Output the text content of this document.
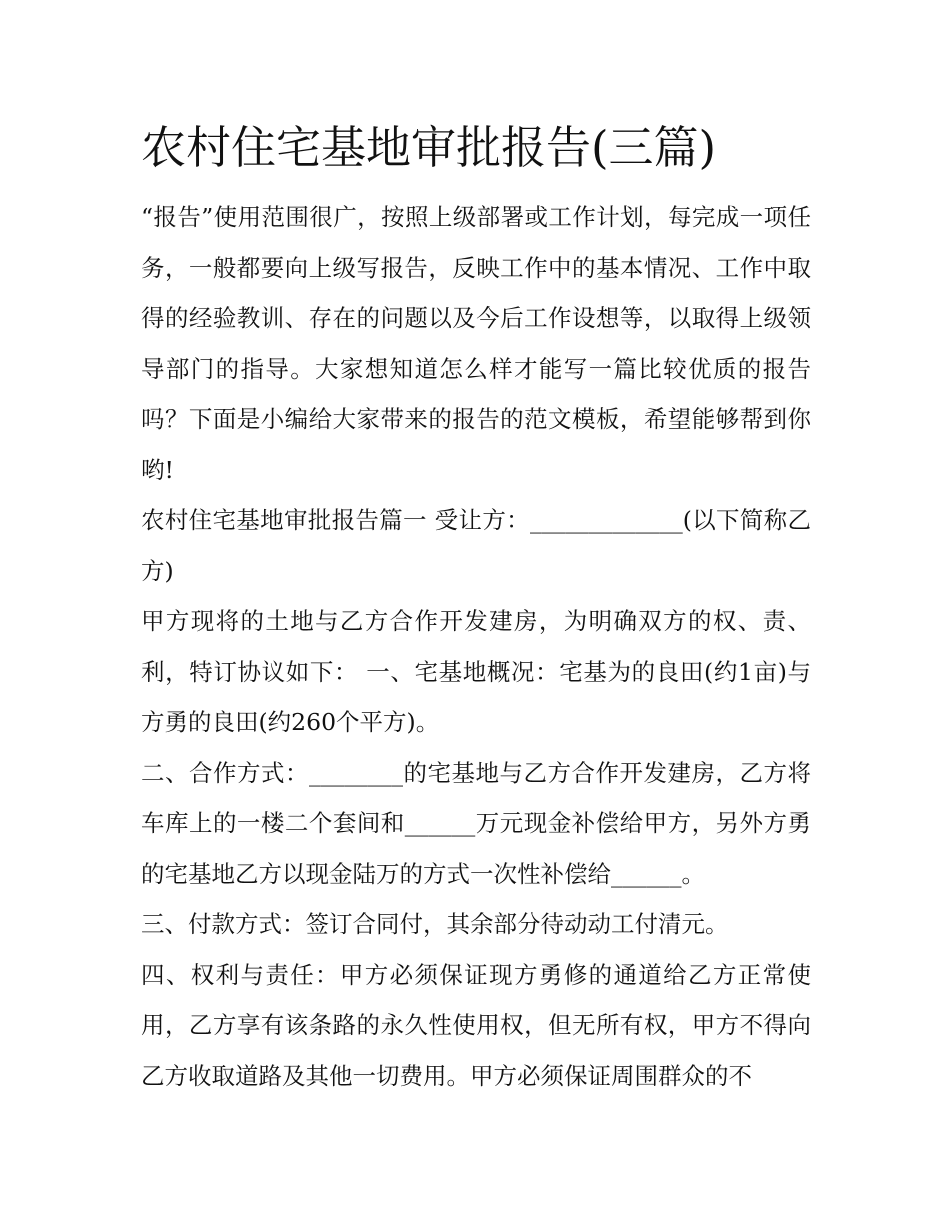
农村住宅基地审批报告(三篇)

“报告”使用范围很广，按照上级部署或工作计划，每完成一项任务，一般都要向上级写报告，反映工作中的基本情况、工作中取得的经验教训、存在的问题以及今后工作设想等，以取得上级领导部门的指导。大家想知道怎么样才能写一篇比较优质的报告吗？下面是小编给大家带来的报告的范文模板，希望能够帮到你哟!

农村住宅基地审批报告篇一 受让方：_____________(以下简称乙方)

甲方现将的土地与乙方合作开发建房，为明确双方的权、责、利，特订协议如下： 一、宅基地概况：宅基为的良田(约1亩)与方勇的良田(约260个平方)。

二、合作方式：________的宅基地与乙方合作开发建房，乙方将车库上的一楼二个套间和______万元现金补偿给甲方，另外方勇的宅基地乙方以现金陆万的方式一次性补偿给______。

三、付款方式：签订合同付，其余部分待动动工付清元。

四、权利与责任：甲方必须保证现方勇修的通道给乙方正常使用，乙方享有该条路的永久性使用权，但无所有权，甲方不得向乙方收取道路及其他一切费用。甲方必须保证周围群众的不
